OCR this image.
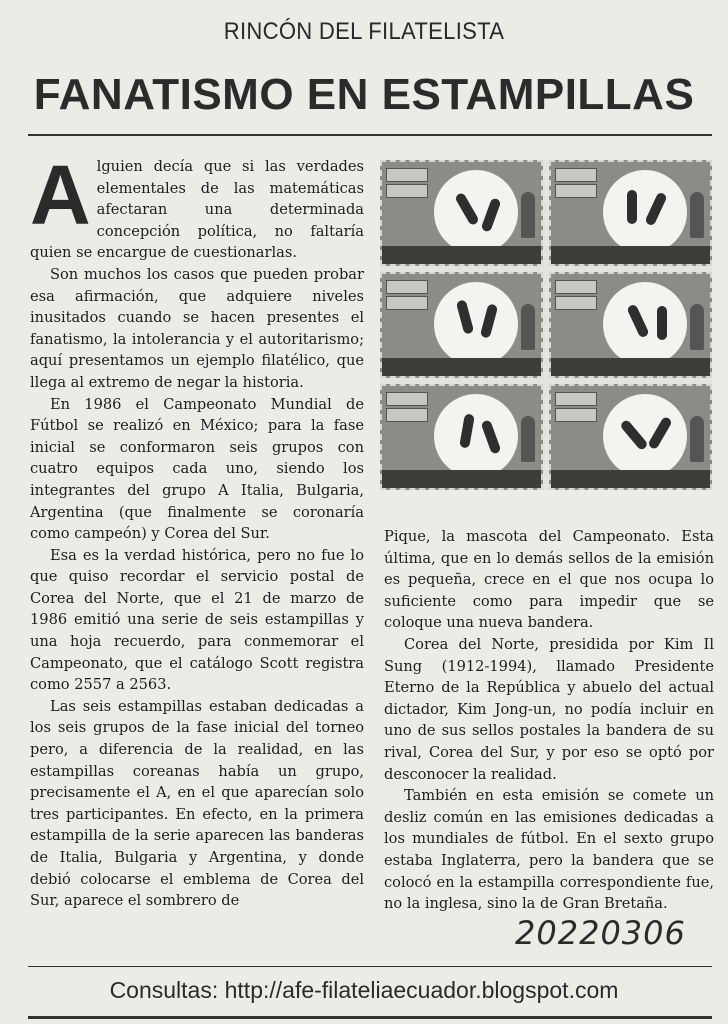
RINCÓN DEL FILATELISTA
FANATISMO EN ESTAMPILLAS
A lguien decía que si las verdades elementales de las matemáticas afectaran una determinada concepción política, no faltaría quien se encargue de cuestionarlas.

Son muchos los casos que pueden probar esa afirmación, que adquiere niveles inusitados cuando se hacen presentes el fanatismo, la intolerancia y el autoritarismo; aquí presentamos un ejemplo filatélico, que llega al extremo de negar la historia.

En 1986 el Campeonato Mundial de Fútbol se realizó en México; para la fase inicial se conformaron seis grupos con cuatro equipos cada uno, siendo los integrantes del grupo A Italia, Bulgaria, Argentina (que finalmente se coronaría como campeón) y Corea del Sur.

Esa es la verdad histórica, pero no fue lo que quiso recordar el servicio postal de Corea del Norte, que el 21 de marzo de 1986 emitió una serie de seis estampillas y una hoja recuerdo, para conmemorar el Campeonato, que el catálogo Scott registra como 2557 a 2563.

Las seis estampillas estaban dedicadas a los seis grupos de la fase inicial del torneo pero, a diferencia de la realidad, en las estampillas coreanas había un grupo, precisamente el A, en el que aparecían solo tres participantes. En efecto, en la primera estampilla de la serie aparecen las banderas de Italia, Bulgaria y Argentina, y donde debió colocarse el emblema de Corea del Sur, aparece el sombrero de

Pique, la mascota del Campeonato. Esta última, que en lo demás sellos de la emisión es pequeña, crece en el que nos ocupa lo suficiente como para impedir que se coloque una nueva bandera.

Corea del Norte, presidida por Kim Il Sung (1912-1994), llamado Presidente Eterno de la República y abuelo del actual dictador, Kim Jong-un, no podía incluir en uno de sus sellos postales la bandera de su rival, Corea del Sur, y por eso se optó por desconocer la realidad.

También en esta emisión se comete un desliz común en las emisiones dedicadas a los mundiales de fútbol. En el sexto grupo estaba Inglaterra, pero la bandera que se colocó en la estampilla correspondiente fue, no la inglesa, sino la de Gran Bretaña.

20220306
Consultas: http://afe-filateliaecuador.blogspot.com
